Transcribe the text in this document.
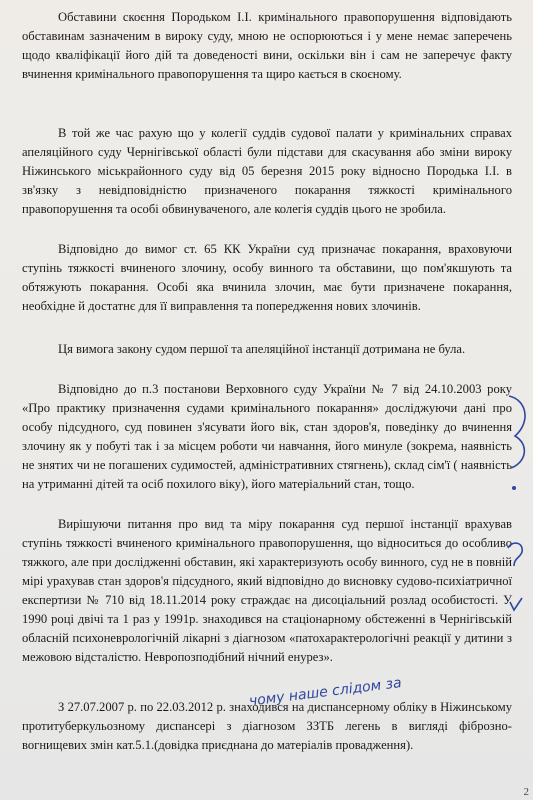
Обставини скоєння Породьком І.І. кримінального правопорушення відповідають обставинам зазначеним в вироку суду, мною не оспорюються і у мене немає заперечень щодо кваліфікації його дій та доведеності вини, оскільки він і сам не заперечує факту вчинення кримінального правопорушення та щиро кається в скоєному.

В той же час рахую що у колегії суддів судової палати у кримінальних справах апеляційного суду Чернігівської області були підстави для скасування або зміни вироку Ніжинського міськрайонного суду від 05 березня 2015 року відносно Породька І.І. в зв'язку з невідповідністю призначеного покарання тяжкості кримінального правопорушення та особі обвинуваченого, але колегія суддів цього не зробила.

Відповідно до вимог ст. 65 КК України суд призначає покарання, враховуючи ступінь тяжкості вчиненого злочину, особу винного та обставини, що пом'якшують та обтяжують покарання. Особі яка вчинила злочин, має бути призначене покарання, необхідне й достатнє для її виправлення та попередження нових злочинів.

Ця вимога закону судом першої та апеляційної інстанції дотримана не була.

Відповідно до п.3 постанови Верховного суду України № 7 від 24.10.2003 року «Про практику призначення судами кримінального покарання» досліджуючи дані про особу підсудного, суд повинен з'ясувати його вік, стан здоров'я, поведінку до вчинення злочину як у побуті так і за місцем роботи чи навчання, його минуле (зокрема, наявність не знятих чи не погашених судимостей, адміністративних стягнень), склад сім'ї ( наявність на утриманні дітей та осіб похилого віку), його матеріальний стан, тощо.

Вирішуючи питання про вид та міру покарання суд першої інстанції врахував ступінь тяжкості вчиненого кримінального правопорушення, що відноситься до особливо тяжкого, але при дослідженні обставин, які характеризують особу винного, суд не в повній мірі урахував стан здоров'я підсудного, який відповідно до висновку судово-психіатричної експертизи № 710 від 18.11.2014 року страждає на дисоціальний розлад особистості. У 1990 році двічі та 1 раз у 1991р. знаходився на стаціонарному обстеженні в Чернігівській обласній психоневрологічній лікарні з діагнозом «патохарактерологічні реакції у дитини з межовою відсталістю. Невропозподібний нічний енурез».

З 27.07.2007 р. по 22.03.2012 р. знаходився на диспансерному обліку в Ніжинському протитуберкульозному диспансері з діагнозом ЗЗТБ легень в вигляді фіброзно-вогнищевих змін кат.5.1.(довідка приєднана до матеріалів провадження).

чому наше слідом за
2
